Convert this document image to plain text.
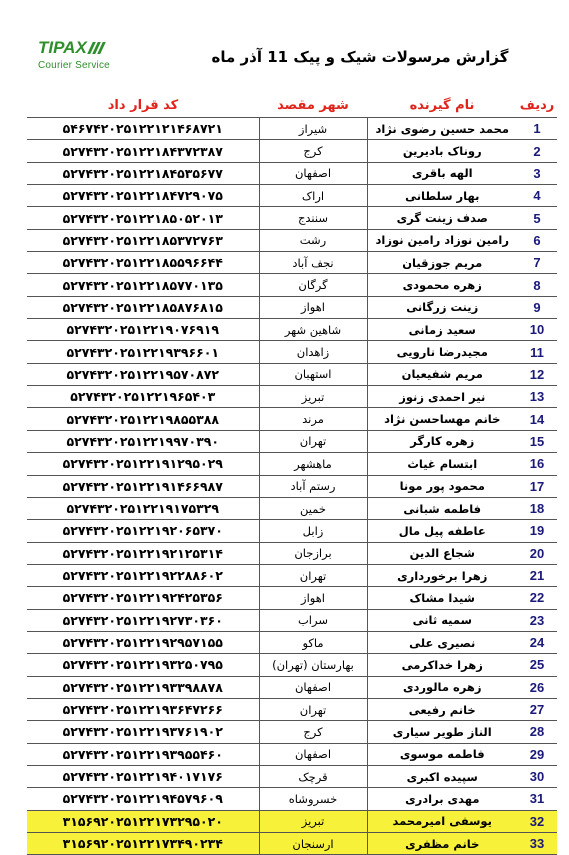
TIPAX
Courier Service	گزارش مرسولات شیک و پیک 11 آذر ماه
ردیف	نام گیرنده	شهر مقصد	کد قرار داد
1	محمد حسین رضوی نژاد	شیراز	۵۴۶۷۴۲۰۲۵۱۲۲۱۲۱۴۶۸۷۲۱
2	روناک بادیرین	کرج	۵۲۷۴۳۲۰۲۵۱۲۲۱۸۴۳۷۲۳۸۷
3	الهه باقری	اصفهان	۵۲۷۴۳۲۰۲۵۱۲۲۱۸۴۵۳۵۶۷۷
4	بهار سلطانی	اراک	۵۲۷۴۳۲۰۲۵۱۲۲۱۸۴۷۲۹۰۷۵
5	صدف زینت گری	سنندج	۵۲۷۴۳۲۰۲۵۱۲۲۱۸۵۰۵۲۰۱۳
6	رامین نوزاد رامین نوزاد	رشت	۵۲۷۴۳۲۰۲۵۱۲۲۱۸۵۳۷۲۷۶۳
7	مریم جوزقیان	نجف آباد	۵۲۷۴۳۲۰۲۵۱۲۲۱۸۵۵۹۶۶۴۴
8	زهره محمودی	گرگان	۵۲۷۴۳۲۰۲۵۱۲۲۱۸۵۷۷۰۱۳۵
9	زینت زرگانی	اهواز	۵۲۷۴۳۲۰۲۵۱۲۲۱۸۵۸۷۶۸۱۵
10	سعید زمانی	شاهین شهر	۵۲۷۴۳۲۰۲۵۱۲۲۱۹۰۷۶۹۱۹
11	مجیدرضا نارویی	زاهدان	۵۲۷۴۳۲۰۲۵۱۲۲۱۹۳۹۶۶۰۱
12	مریم شفیعیان	استهبان	۵۲۷۴۳۲۰۲۵۱۲۲۱۹۵۷۰۸۷۲
13	نیر احمدی زنوز	تبریز	۵۲۷۴۳۲۰۲۵۱۲۲۱۹۶۵۴۰۳
14	خانم مهساحسن نژاد	مرند	۵۲۷۴۳۲۰۲۵۱۲۲۱۹۸۵۵۳۸۸
15	زهره کارگر	تهران	۵۲۷۴۳۲۰۲۵۱۲۲۱۹۹۷۰۳۹۰
16	ابتسام غیاث	ماهشهر	۵۲۷۴۳۲۰۲۵۱۲۲۱۹۱۲۹۵۰۲۹
17	محمود پور مونا	رستم آباد	۵۲۷۴۳۲۰۲۵۱۲۲۱۹۱۴۶۶۹۸۷
18	فاطمه شبانی	خمین	۵۲۷۴۳۲۰۲۵۱۲۲۱۹۱۷۵۳۲۹
19	عاطفه پیل مال	زابل	۵۲۷۴۳۲۰۲۵۱۲۲۱۹۲۰۶۵۳۷۰
20	شجاع الدین	برازجان	۵۲۷۴۳۲۰۲۵۱۲۲۱۹۲۱۲۵۳۱۴
21	زهرا برخورداری	تهران	۵۲۷۴۳۲۰۲۵۱۲۲۱۹۲۲۸۸۶۰۲
22	شیدا مشاک	اهواز	۵۲۷۴۳۲۰۲۵۱۲۲۱۹۲۴۲۵۳۵۶
23	سمیه ثانی	سراب	۵۲۷۴۳۲۰۲۵۱۲۲۱۹۲۷۳۰۳۶۰
24	نصیری علی	ماکو	۵۲۷۴۳۲۰۲۵۱۲۲۱۹۲۹۵۷۱۵۵
25	زهرا خداکرمی	بهارستان (تهران)	۵۲۷۴۳۲۰۲۵۱۲۲۱۹۳۲۵۰۷۹۵
26	زهره مالوردی	اصفهان	۵۲۷۴۳۲۰۲۵۱۲۲۱۹۳۳۹۸۸۷۸
27	خانم رفیعی	تهران	۵۲۷۴۳۲۰۲۵۱۲۲۱۹۳۶۴۷۲۶۶
28	الناز طویر سیاری	کرج	۵۲۷۴۳۲۰۲۵۱۲۲۱۹۳۷۶۱۹۰۲
29	فاطمه موسوی	اصفهان	۵۲۷۴۳۲۰۲۵۱۲۲۱۹۳۹۵۵۴۶۰
30	سپیده اکبری	قرچک	۵۲۷۴۳۲۰۲۵۱۲۲۱۹۴۰۱۷۱۷۶
31	مهدی برادری	خسروشاه	۵۲۷۴۳۲۰۲۵۱۲۲۱۹۴۵۷۹۶۰۹
32	یوسفی امیرمحمد	تبریز	۳۱۵۶۹۲۰۲۵۱۲۲۱۷۳۲۹۵۰۲۰
33	خانم مظفری	ارسنجان	۳۱۵۶۹۲۰۲۵۱۲۲۱۷۳۴۹۰۲۳۴
